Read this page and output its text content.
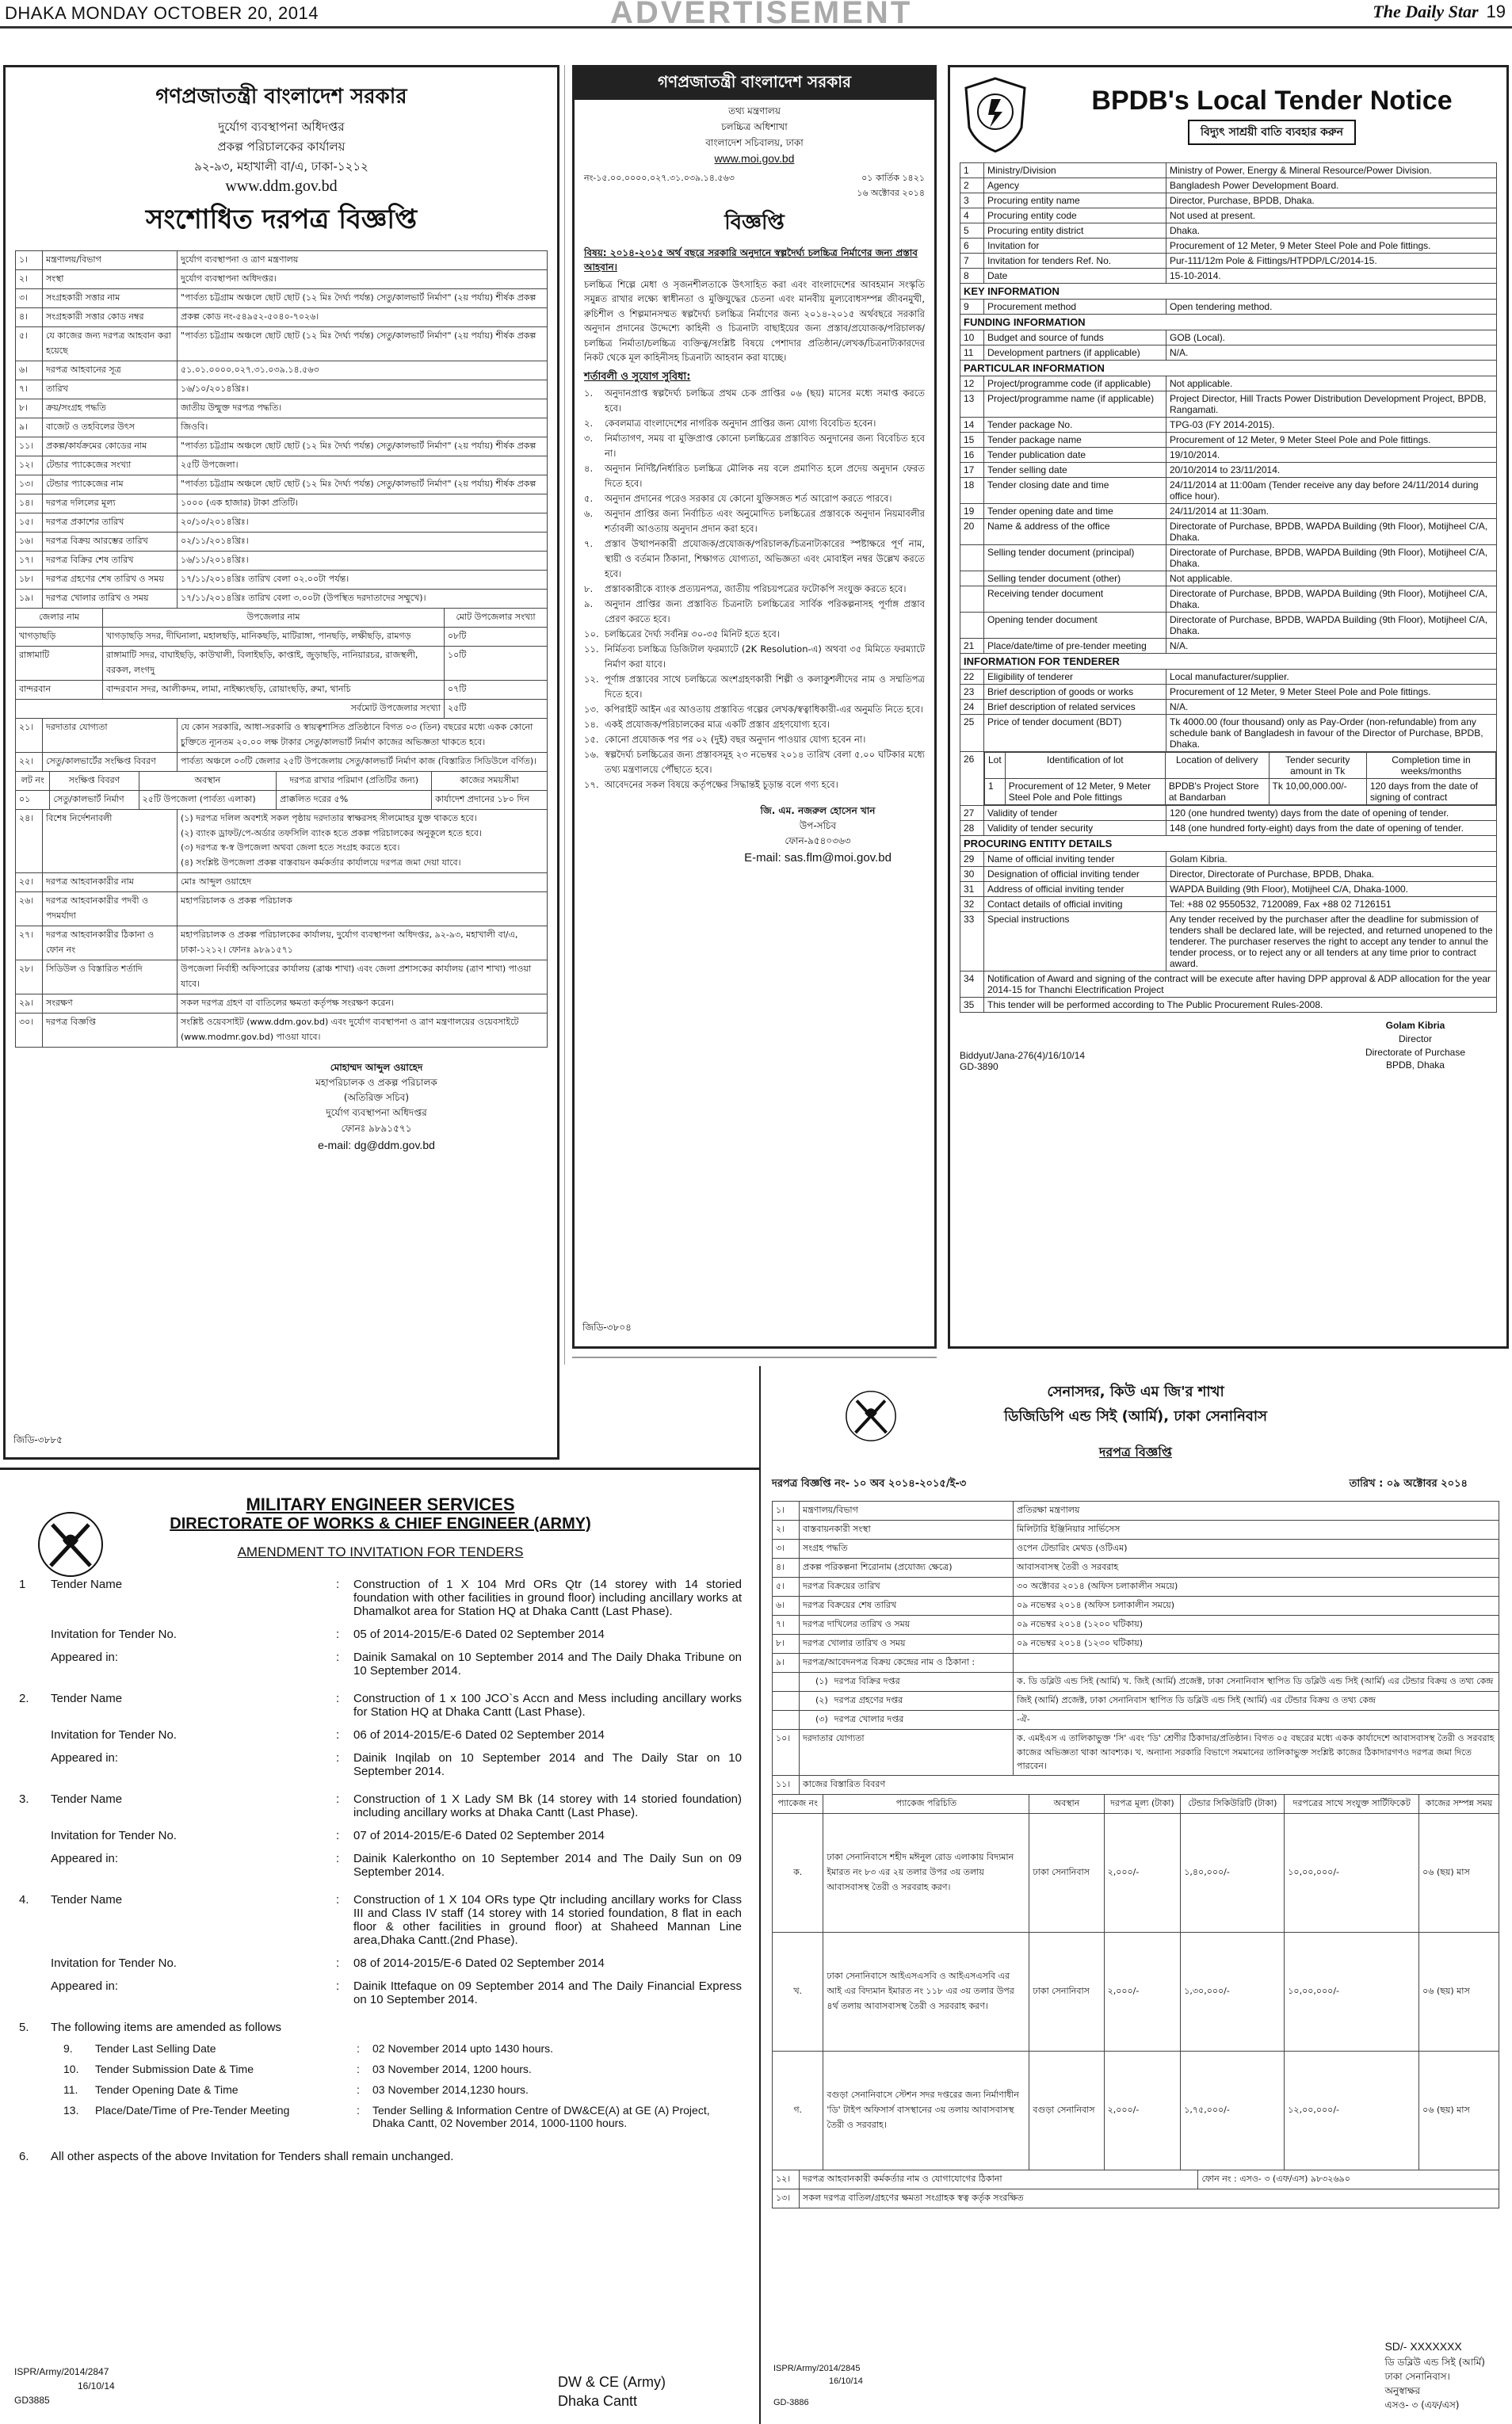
DHAKA MONDAY OCTOBER 20, 2014	ADVERTISEMENT	The Daily Star 19
গণপ্রজাতন্ত্রী বাংলাদেশ সরকার
দুর্যোগ ব্যবস্থাপনা অধিদপ্তর
প্রকল্প পরিচালকের কার্যালয়
৯২-৯৩, মহাখালী বা/এ, ঢাকা-১২১২
www.ddm.gov.bd
সংশোধিত দরপত্র বিজ্ঞপ্তি
১।	মন্ত্রণালয়/বিভাগ	দুর্যোগ ব্যবস্থাপনা ও ত্রাণ মন্ত্রণালয়
২।	সংস্থা	দুর্যোগ ব্যবস্থাপনা অধিদপ্তর।
৩।	সংগ্রহকারী সত্তার নাম	"পার্বত্য চট্টগ্রাম অঞ্চলে ছোট ছোট (১২ মিঃ দৈর্ঘ্য পর্যন্ত) সেতু/কালভার্ট নির্মাণ" (২য় পর্যায়) শীর্ষক প্রকল্প
৪।	সংগ্রহকারী সত্তার কোড নম্বর	প্রকল্প কোড নং-৫৪৯৫২-৫০৪০-৭০২৬।
৫।	যে কাজের জন্য দরপত্র আহবান করা হয়েছে	"পার্বত্য চট্টগ্রাম অঞ্চলে ছোট ছোট (১২ মিঃ দৈর্ঘ্য পর্যন্ত) সেতু/কালভার্ট নির্মাণ" (২য় পর্যায়) শীর্ষক প্রকল্প
৬।	দরপত্র আহবানের সূত্র	৫১.০১.০০০০.০২৭.৩১.০৩৯.১৪.৫৬৩
৭।	তারিখ	১৬/১০/২০১৪খ্রিঃ।
৮।	ক্রয়/সংগ্রহ পদ্ধতি	জাতীয় উন্মুক্ত দরপত্র পদ্ধতি।
৯।	বাজেট ও তহবিলের উৎস	জিওবি।
১১।	প্রকল্প/কার্যক্রমের কোডের নাম	"পার্বত্য চট্টগ্রাম অঞ্চলে ছোট ছোট (১২ মিঃ দৈর্ঘ্য পর্যন্ত) সেতু/কালভার্ট নির্মাণ" (২য় পর্যায়) শীর্ষক প্রকল্প
১২।	টেন্ডার প্যাকেজের সংখ্যা	২৫টি উপজেলা।
১৩।	টেন্ডার প্যাকেজের নাম	"পার্বত্য চট্টগ্রাম অঞ্চলে ছোট ছোট (১২ মিঃ দৈর্ঘ্য পর্যন্ত) সেতু/কালভার্ট নির্মাণ" (২য় পর্যায়) শীর্ষক প্রকল্প
১৪।	দরপত্র দলিলের মূল্য	১০০০ (এক হাজার) টাকা প্রতিটি।
১৫।	দরপত্র প্রকাশের তারিখ	২০/১০/২০১৪খ্রিঃ।
১৬।	দরপত্র বিক্রয় আরম্ভের তারিখ	০২/১১/২০১৪খ্রিঃ।
১৭।	দরপত্র বিক্রির শেষ তারিখ	১৬/১১/২০১৪খ্রিঃ।
১৮।	দরপত্র গ্রহণের শেষ তারিখ ও সময়	১৭/১১/২০১৪খ্রিঃ তারিখ বেলা ০২.০০টা পর্যন্ত।
১৯।	দরপত্র খোলার তারিখ ও সময়	১৭/১১/২০১৪খ্রিঃ তারিখ বেলা ৩.০০টা (উপস্থিত দরদাতাদের সম্মুখে)।
জেলার নাম	উপজেলার নাম	মোট উপজেলার সংখ্যা
খাগড়াছড়ি	খাগড়াছড়ি সদর, দীঘিনালা, মহালছড়ি, মানিকছড়ি, মাটিরাঙ্গা, পানছড়ি, লক্ষীছড়ি, রামগড়	০৮টি
রাঙ্গামাটি	রাঙ্গামাটি সদর, বাঘাইছড়ি, কাউখালী, বিলাইছড়ি, কাপ্তাই, জুড়াছড়ি, নানিয়ারচর, রাজস্থলী, বরকল, লংগদু	১০টি
বান্দরবান	বান্দরবান সদর, আলীকদম, লামা, নাইক্ষ্যংছড়ি, রোয়াংছড়ি, রুমা, থানচি	০৭টি
সর্বমোট উপজেলার সংখ্যা		২৫টি
২১।	দরদাতার যোগ্যতা	যে কোন সরকারি, আধা-সরকারি ও স্বায়ত্বশাসিত প্রতিষ্ঠানে বিগত ০৩ (তিন) বছরের মধ্যে একক কোনো চুক্তিতে ন্যূনতম ২০.০০ লক্ষ টাকার সেতু/কালভার্ট নির্মাণ কাজের অভিজ্ঞতা থাকতে হবে।
২২।	সেতু/কালভার্টের সংক্ষিপ্ত বিবরণ	পার্বত্য অঞ্চলে ০৩টি জেলার ২৫টি উপজেলায় সেতু/কালভার্ট নির্মাণ কাজ (বিস্তারিত সিডিউলে বর্ণিত)।
লট নং	সংক্ষিপ্ত বিবরণ	অবস্থান	দরপত্র রাখার পরিমাণ (প্রতিটির জন্য)	কাজের সময়সীমা
০১	সেতু/কালভার্ট নির্মাণ	২৫টি উপজেলা (পার্বত্য এলাকা)	প্রাক্কলিত দরের ৫%	কার্যাদেশ প্রদানের ১৮০ দিন
২৪।	বিশেষ নির্দেশনাবলী	(১) দরপত্র দলিল অবশ্যই সকল পৃষ্ঠায় দরদাতার স্বাক্ষরসহ সীলমোহর যুক্ত থাকতে হবে।
(২) ব্যাংক ড্রাফট/পে-অর্ডার তফসিলি ব্যাংক হতে প্রকল্প পরিচালকের অনুকূলে হতে হবে।
(৩) দরপত্র স্ব-স্ব উপজেলা অথবা জেলা হতে সংগ্রহ করতে হবে।
(৪) সংশ্লিষ্ট উপজেলা প্রকল্প বাস্তবায়ন কর্মকর্তার কার্যালয়ে দরপত্র জমা দেয়া যাবে।
২৫।	দরপত্র আহবানকারীর নাম	মোঃ আব্দুল ওয়াহেদ
২৬।	দরপত্র আহবানকারীর পদবী ও পদমর্যাদা	মহাপরিচালক ও প্রকল্প পরিচালক
২৭।	দরপত্র আহবানকারীর ঠিকানা ও ফোন নং	মহাপরিচালক ও প্রকল্প পরিচালকের কার্যালয়, দুর্যোগ ব্যবস্থাপনা অধিদপ্তর, ৯২-৯৩, মহাখালী বা/এ, ঢাকা-১২১২। ফোনঃ ৯৮৯১৫৭১
২৮।	সিডিউল ও বিস্তারিত শর্তাদি	উপজেলা নির্বাহী অফিসারের কার্যালয় (ব্রাঞ্চ শাখা) এবং জেলা প্রশাসকের কার্যালয় (ত্রাণ শাখা) পাওয়া যাবে।
২৯।	সংরক্ষণ	সকল দরপত্র গ্রহণ বা বাতিলের ক্ষমতা কর্তৃপক্ষ সংরক্ষণ করেন।
৩০।	দরপত্র বিজ্ঞপ্তি	সংশ্লিষ্ট ওয়েবসাইট (www.ddm.gov.bd) এবং দুর্যোগ ব্যবস্থাপনা ও ত্রাণ মন্ত্রণালয়ের ওয়েবসাইটে (www.modmr.gov.bd) পাওয়া যাবে।
মোহাম্মদ আব্দুল ওয়াহেদ
মহাপরিচালক ও প্রকল্প পরিচালক
(অতিরিক্ত সচিব)
দুর্যোগ ব্যবস্থাপনা অধিদপ্তর
ফোনঃ ৯৮৯১৫৭১
e-mail: dg@ddm.gov.bd
জিডি-৩৮৮৫
গণপ্রজাতন্ত্রী বাংলাদেশ সরকার
তথ্য মন্ত্রণালয়
চলচ্চিত্র অধিশাখা
বাংলাদেশ সচিবালয়, ঢাকা
www.moi.gov.bd
নং-১৫.০০.০০০০.০২৭.৩১.০৩৯.১৪.৫৬৩	০১ কার্তিক ১৪২১
১৬ অক্টোবর ২০১৪
বিজ্ঞপ্তি
বিষয়: ২০১৪-২০১৫ অর্থ বছরে সরকারি অনুদানে স্বল্পদৈর্ঘ্য চলচ্চিত্র নির্মাণের জন্য প্রস্তাব আহবান।
চলচ্চিত্র শিল্পে মেধা ও সৃজনশীলতাকে উৎসাহিত করা এবং বাংলাদেশের আবহমান সংস্কৃতি সমুন্নত রাখার লক্ষ্যে স্বাধীনতা ও মুক্তিযুদ্ধের চেতনা এবং মানবীয় মূল্যবোধসম্পন্ন জীবনমুখী, রুচিশীল ও শিল্পমানসম্মত স্বল্পদৈর্ঘ্য চলচ্চিত্র নির্মাণের জন্য ২০১৪-২০১৫ অর্থবছরে সরকারি অনুদান প্রদানের উদ্দেশ্যে কাহিনী ও চিত্রনাট্য বাছাইয়ের জন্য প্রস্তাব/প্রযোজক/পরিচালক/চলচ্চিত্র নির্মাতা/চলচ্চিত্র ব্যক্তিত্ব/সংশ্লিষ্ট বিষয়ে পেশাদার প্রতিষ্ঠান/লেখক/চিত্রনাট্যকারদের নিকট থেকে মূল কাহিনীসহ চিত্রনাট্য আহবান করা যাচ্ছে।
শর্তাবলী ও সুযোগ সুবিধা:
১.	অনুদানপ্রাপ্ত স্বল্পদৈর্ঘ্য চলচ্চিত্র প্রথম চেক প্রাপ্তির ০৬ (ছয়) মাসের মধ্যে সমাপ্ত করতে হবে।
২.	কেবলমাত্র বাংলাদেশের নাগরিক অনুদান প্রাপ্তির জন্য যোগ্য বিবেচিত হবেন।
৩.	নির্মাতাগণ, সময় বা মুক্তিপ্রাপ্ত কোনো চলচ্চিত্রের প্রস্তাবিত অনুদানের জন্য বিবেচিত হবে না।
৪.	অনুদান নির্দিষ্ট/নির্ধারিত চলচ্চিত্র মৌলিক নয় বলে প্রমাণিত হলে প্রদেয় অনুদান ফেরত দিতে হবে।
৫.	অনুদান প্রদানের পরেও সরকার যে কোনো যুক্তিসঙ্গত শর্ত আরোপ করতে পারবে।
৬.	অনুদান প্রাপ্তির জন্য নির্বাচিত এবং অনুমোদিত চলচ্চিত্রের প্রস্তাবকে অনুদান নিয়মাবলীর শর্তাবলী আওতায় অনুদান প্রদান করা হবে।
৭.	প্রস্তাব উত্থাপনকারী প্রযোজক/প্রযোজক/পরিচালক/চিত্রনাট্যকারের স্পষ্টাক্ষরে পূর্ণ নাম, স্থায়ী ও বর্তমান ঠিকানা, শিক্ষাগত যোগ্যতা, অভিজ্ঞতা এবং মোবাইল নম্বর উল্লেখ করতে হবে।
৮.	প্রস্তাবকারীকে ব্যাংক প্রত্যয়নপত্র, জাতীয় পরিচয়পত্রের ফটোকপি সংযুক্ত করতে হবে।
৯.	অনুদান প্রাপ্তির জন্য প্রস্তাবিত চিত্রনাট্য চলচ্চিত্রের সার্বিক পরিকল্পনাসহ পূর্ণাঙ্গ প্রস্তাব প্রেরণ করতে হবে।
১০. চলচ্চিত্রের দৈর্ঘ্য সর্বনিম্ন ৩০-৩৫ মিনিট হতে হবে।
১১. নির্মিতব্য চলচ্চিত্র ডিজিটাল ফরম্যাটে (2K Resolution-এ) অথবা ৩৫ মিমিতে ফরম্যাটে নির্মাণ করা যাবে।
১২. পূর্ণাঙ্গ প্রস্তাবের সাথে চলচ্চিত্রে অংশগ্রহণকারী শিল্পী ও কলাকুশলীদের নাম ও সম্মতিপত্র দিতে হবে।
১৩. কপিরাইট আইন এর আওতায় প্রস্তাবিত গল্পের লেখক/স্বত্বাধিকারী-এর অনুমতি নিতে হবে।
১৪. একই প্রযোজক/পরিচালকের মাত্র একটি প্রস্তাব গ্রহণযোগ্য হবে।
১৫. কোনো প্রযোজক পর পর ০২ (দুই) বছর অনুদান পাওয়ার যোগ্য হবেন না।
১৬. স্বল্পদৈর্ঘ্য চলচ্চিত্রের জন্য প্রস্তাবসমূহ ২৩ নভেম্বর ২০১৪ তারিখ বেলা ৫.০০ ঘটিকার মধ্যে তথ্য মন্ত্রণালয়ে পৌঁছাতে হবে।
১৭. আবেদনের সকল বিষয়ে কর্তৃপক্ষের সিদ্ধান্তই চূড়ান্ত বলে গণ্য হবে।
জি. এম. নজরুল হোসেন খান
উপ-সচিব
ফোন-৯৫৪০৩৬৩
E-mail: sas.flm@moi.gov.bd
জিডি-৩৮০৪
BPDB's Local Tender Notice
বিদ্যুৎ সাশ্রয়ী বাতি ব্যবহার করুন
1	Ministry/Division	Ministry of Power, Energy & Mineral Resource/Power Division.
2	Agency	Bangladesh Power Development Board.
3	Procuring entity name	Director, Purchase, BPDB, Dhaka.
4	Procuring entity code	Not used at present.
5	Procuring entity district	Dhaka.
6	Invitation for	Procurement of 12 Meter, 9 Meter Steel Pole and Pole fittings.
7	Invitation for tenders Ref. No.	Pur-111/12m Pole & Fittings/HTPDP/LC/2014-15.
8	Date	15-10-2014.
KEY INFORMATION
9	Procurement method	Open tendering method.
FUNDING INFORMATION
10	Budget and source of funds	GOB (Local).
11	Development partners (if applicable)	N/A.
PARTICULAR INFORMATION
12	Project/programme code (if applicable)	Not applicable.
13	Project/programme name (if applicable)	Project Director, Hill Tracts Power Distribution Development Project, BPDB, Rangamati.
14	Tender package No.	TPG-03 (FY 2014-2015).
15	Tender package name	Procurement of 12 Meter, 9 Meter Steel Pole and Pole fittings.
16	Tender publication date	19/10/2014.
17	Tender selling date	20/10/2014 to 23/11/2014.
18	Tender closing date and time	24/11/2014 at 11:00am (Tender receive any day before 24/11/2014 during office hour).
19	Tender opening date and time	24/11/2014 at 11:30am.
20	Name & address of the office	Directorate of Purchase, BPDB, WAPDA Building (9th Floor), Motijheel C/A, Dhaka.
	Selling tender document (principal)	Directorate of Purchase, BPDB, WAPDA Building (9th Floor), Motijheel C/A, Dhaka.
	Selling tender document (other)	Not applicable.
	Receiving tender document	Directorate of Purchase, BPDB, WAPDA Building (9th Floor), Motijheel C/A, Dhaka.
	Opening tender document	Directorate of Purchase, BPDB, WAPDA Building (9th Floor), Motijheel C/A, Dhaka.
21	Place/date/time of pre-tender meeting	N/A.
INFORMATION FOR TENDERER
22	Eligibility of tenderer	Local manufacturer/supplier.
23	Brief description of goods or works	Procurement of 12 Meter, 9 Meter Steel Pole and Pole fittings.
24	Brief description of related services	N/A.
25	Price of tender document (BDT)	Tk 4000.00 (four thousand) only as Pay-Order (non-refundable) from any schedule bank of Bangladesh in favour of the Director of Purchase, BPDB, Dhaka.
26	Lot	Identification of lot	Location of delivery	Tender security amount in Tk	Completion time in weeks/months
1	Procurement of 12 Meter, 9 Meter Steel Pole and Pole fittings	BPDB's Project Store at Bandarban	Tk 10,00,000.00/-	120 days from the date of signing of contract

27	Validity of tender	120 (one hundred twenty) days from the date of opening of tender.
28	Validity of tender security	148 (one hundred forty-eight) days from the date of opening of tender.
PROCURING ENTITY DETAILS
29	Name of official inviting tender	Golam Kibria.
30	Designation of official inviting tender	Director, Directorate of Purchase, BPDB, Dhaka.
31	Address of official inviting tender	WAPDA Building (9th Floor), Motijheel C/A, Dhaka-1000.
32	Contact details of official inviting	Tel: +88 02 9550532, 7120089, Fax +88 02 7126151
33	Special instructions	Any tender received by the purchaser after the deadline for submission of tenders shall be declared late, will be rejected, and returned unopened to the tenderer. The purchaser reserves the right to accept any tender to annul the tender process, or to reject any or all tenders at any time prior to contract award.
34	Notification of Award and signing of the contract will be execute after having DPP approval & ADP allocation for the year 2014-15 for Thanchi Electrification Project
35	This tender will be performed according to The Public Procurement Rules-2008.
Biddyut/Jana-276(4)/16/10/14
GD-3890
Golam Kibria
Director
Directorate of Purchase
BPDB, Dhaka
MILITARY ENGINEER SERVICES
DIRECTORATE OF WORKS & CHIEF ENGINEER (ARMY)
AMENDMENT TO INVITATION FOR TENDERS
1	Tender Name	:	Construction of 1 X 104 Mrd ORs Qtr (14 storey with 14 storied foundation with other facilities in ground floor) including ancillary works at Dhamalkot area for Station HQ at Dhaka Cantt (Last Phase).
Invitation for Tender No.	:	05 of 2014-2015/E-6 Dated 02 September 2014
Appeared in:	:	Dainik Samakal on 10 September 2014 and The Daily Dhaka Tribune on 10 September 2014.
2.	Tender Name	:	Construction of 1 x 100 JCO`s Accn and Mess including ancillary works for Station HQ at Dhaka Cantt (Last Phase).
Invitation for Tender No.	:	06 of 2014-2015/E-6 Dated 02 September 2014
Appeared in:	:	Dainik Inqilab on 10 September 2014 and The Daily Star on 10 September 2014.
3.	Tender Name	:	Construction of 1 X Lady SM Bk (14 storey with 14 storied foundation) including ancillary works at Dhaka Cantt (Last Phase).
Invitation for Tender No.	:	07 of 2014-2015/E-6 Dated 02 September 2014
Appeared in:	:	Dainik Kalerkontho on 10 September 2014 and The Daily Sun on 09 September 2014.
4.	Tender Name	:	Construction of 1 X 104 ORs type Qtr including ancillary works for Class III and Class IV staff (14 storey with 14 storied foundation, 8 flat in each floor & other facilities in ground floor) at Shaheed Mannan Line area,Dhaka Cantt.(2nd Phase).
Invitation for Tender No.	:	08 of 2014-2015/E-6 Dated 02 September 2014
Appeared in:	:	Dainik Ittefaque on 09 September 2014 and The Daily Financial Express on 10 September 2014.
5.	The following items are amended as follows
9.	Tender Last Selling Date	:	02 November 2014 upto 1430 hours.
10.	Tender Submission Date & Time	:	03 November 2014, 1200 hours.
11.	Tender Opening Date & Time	:	03 November 2014,1230 hours.
13.	Place/Date/Time of Pre-Tender Meeting	:	Tender Selling & Information Centre of DW&CE(A) at GE (A) Project, Dhaka Cantt, 02 November 2014, 1000-1100 hours.
6.	All other aspects of the above Invitation for Tenders shall remain unchanged.
ISPR/Army/2014/2847
16/10/14
GD3885
DW & CE (Army)
Dhaka Cantt
সেনাসদর, কিউ এম জি'র শাখা
ডিজিডিপি এন্ড সিই (আর্মি), ঢাকা সেনানিবাস
দরপত্র বিজ্ঞপ্তি
দরপত্র বিজ্ঞপ্তি নং- ১০ অব ২০১৪-২০১৫/ই-৩	তারিখ : ০৯ অক্টোবর ২০১৪
১।	মন্ত্রণালয়/বিভাগ	প্রতিরক্ষা মন্ত্রণালয়
২।	বাস্তবায়নকারী সংস্থা	মিলিটারি ইঞ্জিনিয়ার সার্ভিসেস
৩।	সংগ্রহ পদ্ধতি	ওপেন টেন্ডারিং মেথড (ওটিএম)
৪।	প্রকল্প পরিকল্পনা শিরোনাম (প্রযোজ্য ক্ষেত্রে)	আবাসবাসস্থ তৈরী ও সরবরাহ
৫।	দরপত্র বিক্রয়ের তারিখ	৩০ অক্টোবর ২০১৪ (অফিস চলাকালীন সময়ে)
৬।	দরপত্র বিক্রয়ের শেষ তারিখ	০৯ নভেম্বর ২০১৪ (অফিস চলাকালীন সময়ে)
৭।	দরপত্র দাখিলের তারিখ ও সময়	০৯ নভেম্বর ২০১৪ (১২০০ ঘটিকায়)
৮।	দরপত্র খোলার তারিখ ও সময়	০৯ নভেম্বর ২০১৪ (১২৩০ ঘটিকায়)
৯।	দরপত্র/আবেদনপত্র বিক্রয় কেন্দ্রের নাম ও ঠিকানা :	
	(১) দরপত্র বিক্রির দপ্তর	ক. ডি ডব্লিউ এন্ড সিই (আর্মি) খ. জিই (আর্মি) প্রজেক্ট, ঢাকা সেনানিবাস স্থাপিত ডি ডব্লিউ এন্ড সিই (আর্মি) এর টেন্ডার বিক্রয় ও তথ্য কেন্দ্র
	(২) দরপত্র গ্রহণের দপ্তর	জিই (আর্মি) প্রজেক্ট, ঢাকা সেনানিবাস স্থাপিত ডি ডব্লিউ এন্ড সিই (আর্মি) এর টেন্ডার বিক্রয় ও তথ্য কেন্দ্র
	(৩) দরপত্র খোলার দপ্তর	-ঐ-
১০।	দরদাতার যোগ্যতা	ক. এমইএস এ তালিকাভুক্ত 'সি' এবং 'ডি' শ্রেণীর ঠিকাদার/প্রতিষ্ঠান। বিগত ০৫ বছরের মধ্যে একক কার্যাদেশে আবাসবাসস্থ তৈরী ও সরবরাহ কাজের অভিজ্ঞতা থাকা আবশ্যক। খ. অন্যান্য সরকারি বিভাগে সমমানের তালিকাভুক্ত সংশ্লিষ্ট কাজের ঠিকাদারগণও দরপত্র জমা দিতে পারবেন।
১১।	কাজের বিস্তারিত বিবরণ	
প্যাকেজ নং	প্যাকেজ পরিচিতি	অবস্থান	দরপত্র মূল্য (টাকা)	টেন্ডার সিকিউরিটি (টাকা)	দরপত্রের সাথে সংযুক্ত সার্টিফিকেট	কাজের সম্পন্ন সময়
ক.	ঢাকা সেনানিবাসে শহীদ মঈনুল রোড এলাকায় বিদ্যমান ইমারত নং ৮৩ এর ২য় তলার উপর ৩য় তলায় আবাসবাসস্থ তৈরী ও সরবরাহ করণ।	ঢাকা সেনানিবাস	২,০০০/-	১,৪০,০০০/-	১০,০০,০০০/-	০৬ (ছয়) মাস
খ.	ঢাকা সেনানিবাসে আইএসএসবি ও আইএসএসবি এর আই এর বিদ্যমান ইমারত নং ১১৮ এর ৩য় তলার উপর ৪র্থ তলায় আবাসবাসস্থ তৈরী ও সরবরাহ করণ।	ঢাকা সেনানিবাস	২,০০০/-	১,৩০,০০০/-	১০,০০,০০০/-	০৬ (ছয়) মাস
গ.	বগুড়া সেনানিবাসে স্টেশন সদর দপ্তরের জন্য নির্মাণাধীন 'ডি' টাইপ অফিসার্স বাসস্থানের ৩য় তলায় আবাসবাসস্থ তৈরী ও সরবরাহ।	বগুড়া সেনানিবাস	২,০০০/-	১,৭৫,০০০/-	১২,০০,০০০/-	০৬ (ছয়) মাস
১২।	দরপত্র আহবানকারী কর্মকর্তার নাম ও যোগাযোগের ঠিকানা	ফোন নং : এসও- ৩ (এফ/এস) ৯৮৩২৬৯০
১৩।	সকল দরপত্র বাতিল/গ্রহণের ক্ষমতা সংগ্রাহক স্বত্ব কর্তৃক সংরক্ষিত	
ISPR/Army/2014/2845
16/10/14
GD-3886
SD/- XXXXXXX
ডি ডব্লিউ এন্ড সিই (আর্মি)
ঢাকা সেনানিবাস।
অনুস্বাক্ষর
এসও- ৩ (এফ/এস)
